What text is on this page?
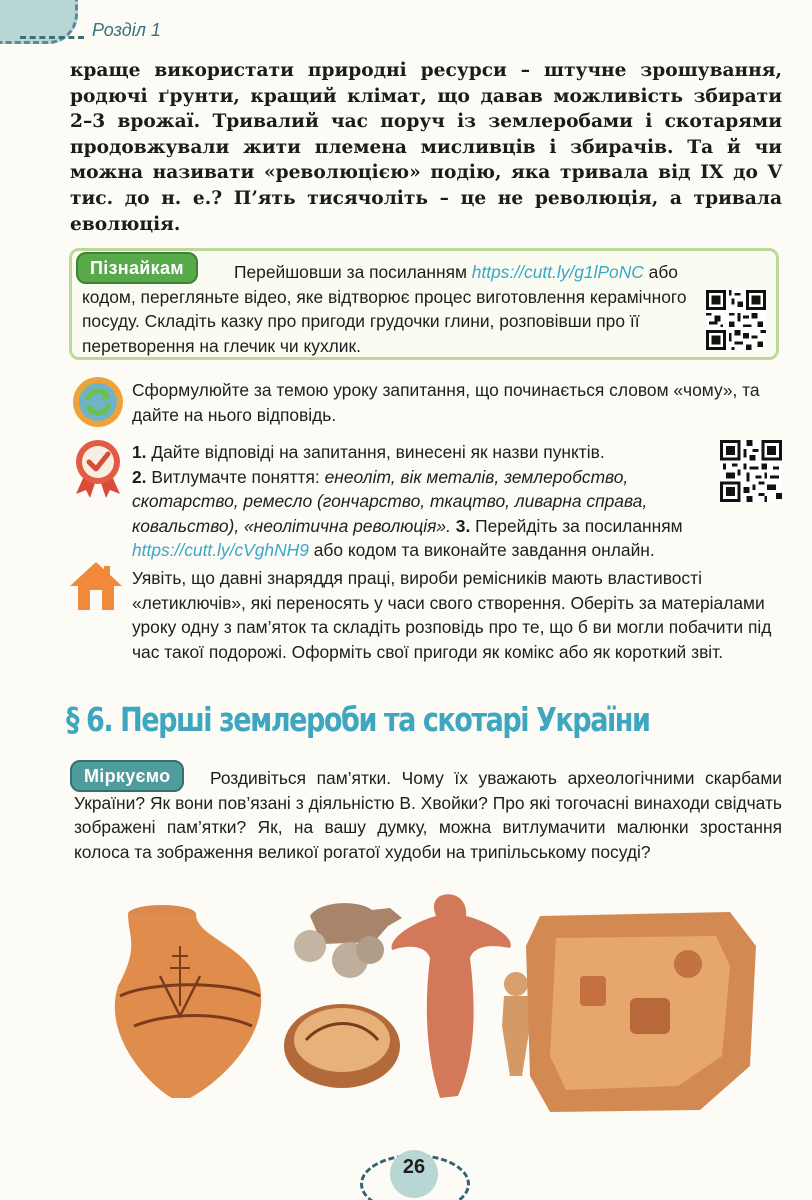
Розділ 1

краще використати природні ресурси – штучне зрошування, родючі ґрунти, кращий клімат, що давав можливість збирати 2–3 врожаї. Тривалий час поруч із землеробами і скотарями продовжували жити племена мисливців і збирачів. Та й чи можна називати «революцією» подію, яка тривала від IX до V тис. до н. е.? П’ять тисячоліть – це не революція, а тривала еволюція.

Перейшовши за посиланням https://cutt.ly/g1lPoNC або кодом, перегляньте відео, яке відтворює процес виготовлення керамічного посуду. Складіть казку про пригоди грудочки глини, розповівши про її перетворення на глечик чи кухлик.

Пізнайкам

Сформулюйте за темою уроку запитання, що починається словом «чому», та дайте на нього відповідь.

1. Дайте відповіді на запитання, винесені як назви пунктів.
2. Витлумачте поняття: енеоліт, вік металів, землеробство, скотарство, ремесло (гончарство, ткацтво, ливарна справа, ковальство), «неолітична революція». 3. Перейдіть за посиланням https://cutt.ly/cVghNH9 або кодом та виконайте завдання онлайн.

Уявіть, що давні знаряддя праці, вироби ремісників мають властивості «летиключів», які переносять у часи свого створення. Оберіть за матеріалами уроку одну з пам’яток та складіть розповідь про те, що б ви могли побачити під час такої подорожі. Оформіть свої пригоди як комікс або як короткий звіт.

§ 6. Перші землероби та скотарі України

Роздивіться пам’ятки. Чому їх уважають археологічними скарбами України? Як вони пов’язані з діяльністю В. Хвойки? Про які тогочасні винаходи свідчать зображені пам’ятки? Як, на вашу думку, можна витлумачити малюнки зростання колоса та зображення великої рогатої худоби на трипільському посуді?

Міркуємо
26
